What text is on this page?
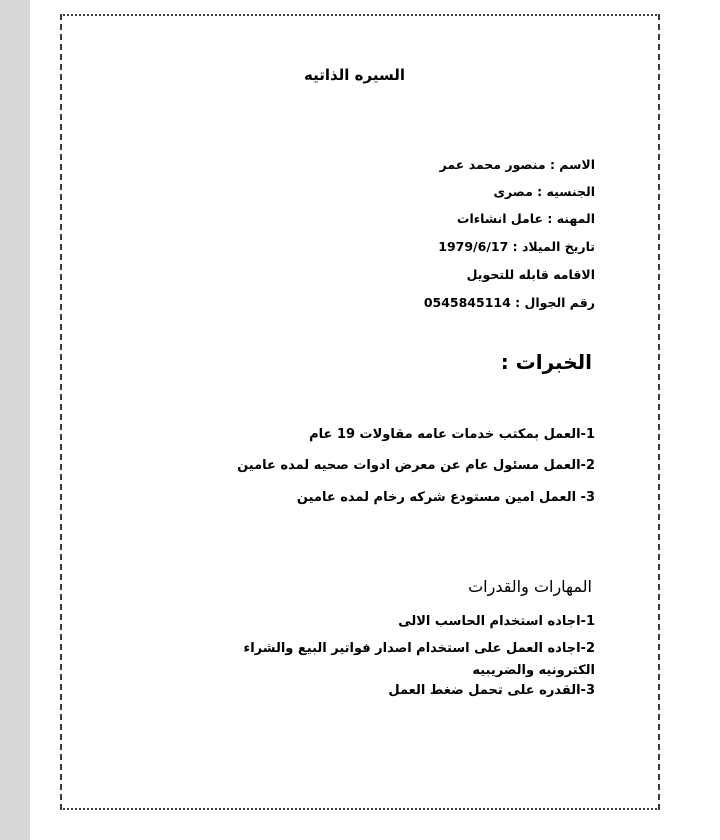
السيره الذاتيه
الاسم : منصور محمد عمر
الجنسيه : مصرى
المهنه : عامل انشاءات
تاريخ الميلاد : 1979/6/17
الاقامه قابله للتحويل
رقم الجوال : 0545845114
الخبرات :
1-العمل بمكتب خدمات عامه مقاولات 19 عام
2-العمل مسئول عام عن معرض ادوات صحيه لمده عامين
3- العمل امين مستودع شركه رخام لمده عامين
المهارات والقدرات
1-اجاده استخدام الحاسب الالى
2-اجاده العمل على استخدام اصدار فواتير البيع والشراء الكترونيه والضريبيه
3-القدره على تحمل ضغط العمل
